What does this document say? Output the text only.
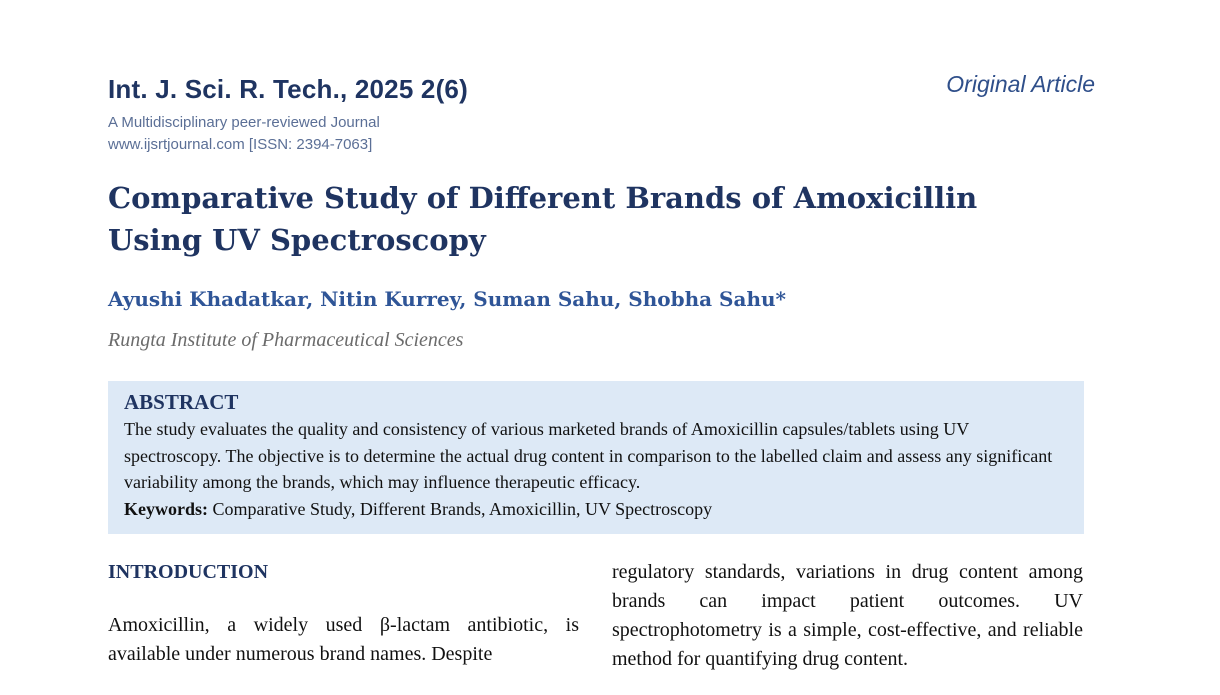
Int. J. Sci. R. Tech., 2025 2(6)	Original Article
A Multidisciplinary peer-reviewed Journal
www.ijsrtjournal.com [ISSN: 2394-7063]
Comparative Study of Different Brands of Amoxicillin Using UV Spectroscopy
Ayushi Khadatkar, Nitin Kurrey, Suman Sahu, Shobha Sahu*
Rungta Institute of Pharmaceutical Sciences
ABSTRACT

The study evaluates the quality and consistency of various marketed brands of Amoxicillin capsules/tablets using UV spectroscopy. The objective is to determine the actual drug content in comparison to the labelled claim and assess any significant variability among the brands, which may influence therapeutic efficacy.

Keywords: Comparative Study, Different Brands, Amoxicillin, UV Spectroscopy

INTRODUCTION

Amoxicillin, a widely used β-lactam antibiotic, is available under numerous brand names. Despite

regulatory standards, variations in drug content among brands can impact patient outcomes. UV spectrophotometry is a simple, cost-effective, and reliable method for quantifying drug content.
